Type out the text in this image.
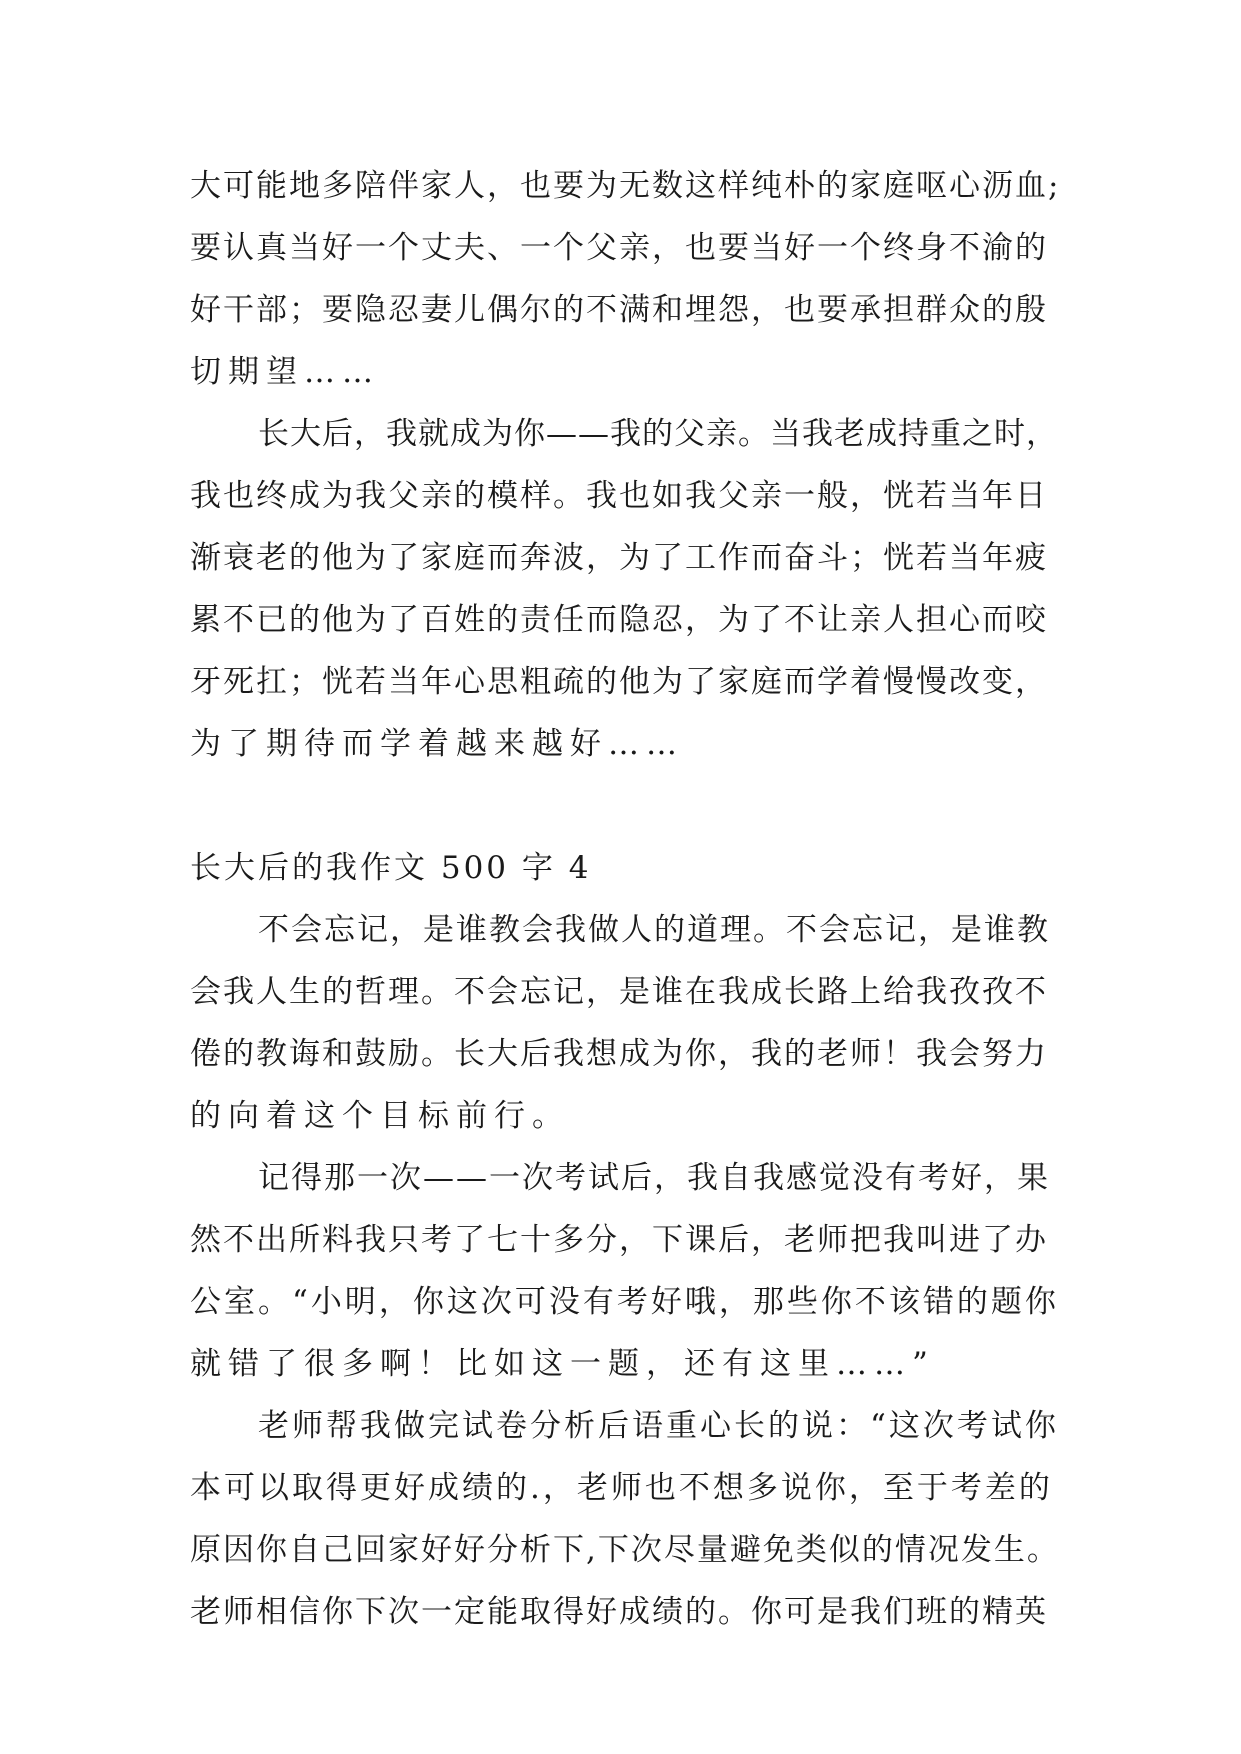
大可能地多陪伴家人，也要为无数这样纯朴的家庭呕心沥血;
要认真当好一个丈夫、一个父亲，也要当好一个终身不渝的
好干部；要隐忍妻儿偶尔的不满和埋怨，也要承担群众的殷
切期望……
长大后，我就成为你——我的父亲。当我老成持重之时，
我也终成为我父亲的模样。我也如我父亲一般，恍若当年日
渐衰老的他为了家庭而奔波，为了工作而奋斗；恍若当年疲
累不已的他为了百姓的责任而隐忍，为了不让亲人担心而咬
牙死扛；恍若当年心思粗疏的他为了家庭而学着慢慢改变，
为了期待而学着越来越好……
长大后的我作文 500 字 4
不会忘记，是谁教会我做人的道理。不会忘记，是谁教
会我人生的哲理。不会忘记，是谁在我成长路上给我孜孜不
倦的教诲和鼓励。长大后我想成为你，我的老师！我会努力
的向着这个目标前行。
记得那一次——一次考试后，我自我感觉没有考好，果
然不出所料我只考了七十多分，下课后，老师把我叫进了办
公室。“小明，你这次可没有考好哦，那些你不该错的题你
就错了很多啊！比如这一题，还有这里……”
老师帮我做完试卷分析后语重心长的说：“这次考试你
本可以取得更好成绩的.，老师也不想多说你，至于考差的
原因你自己回家好好分析下,下次尽量避免类似的情况发生。
老师相信你下次一定能取得好成绩的。你可是我们班的精英
